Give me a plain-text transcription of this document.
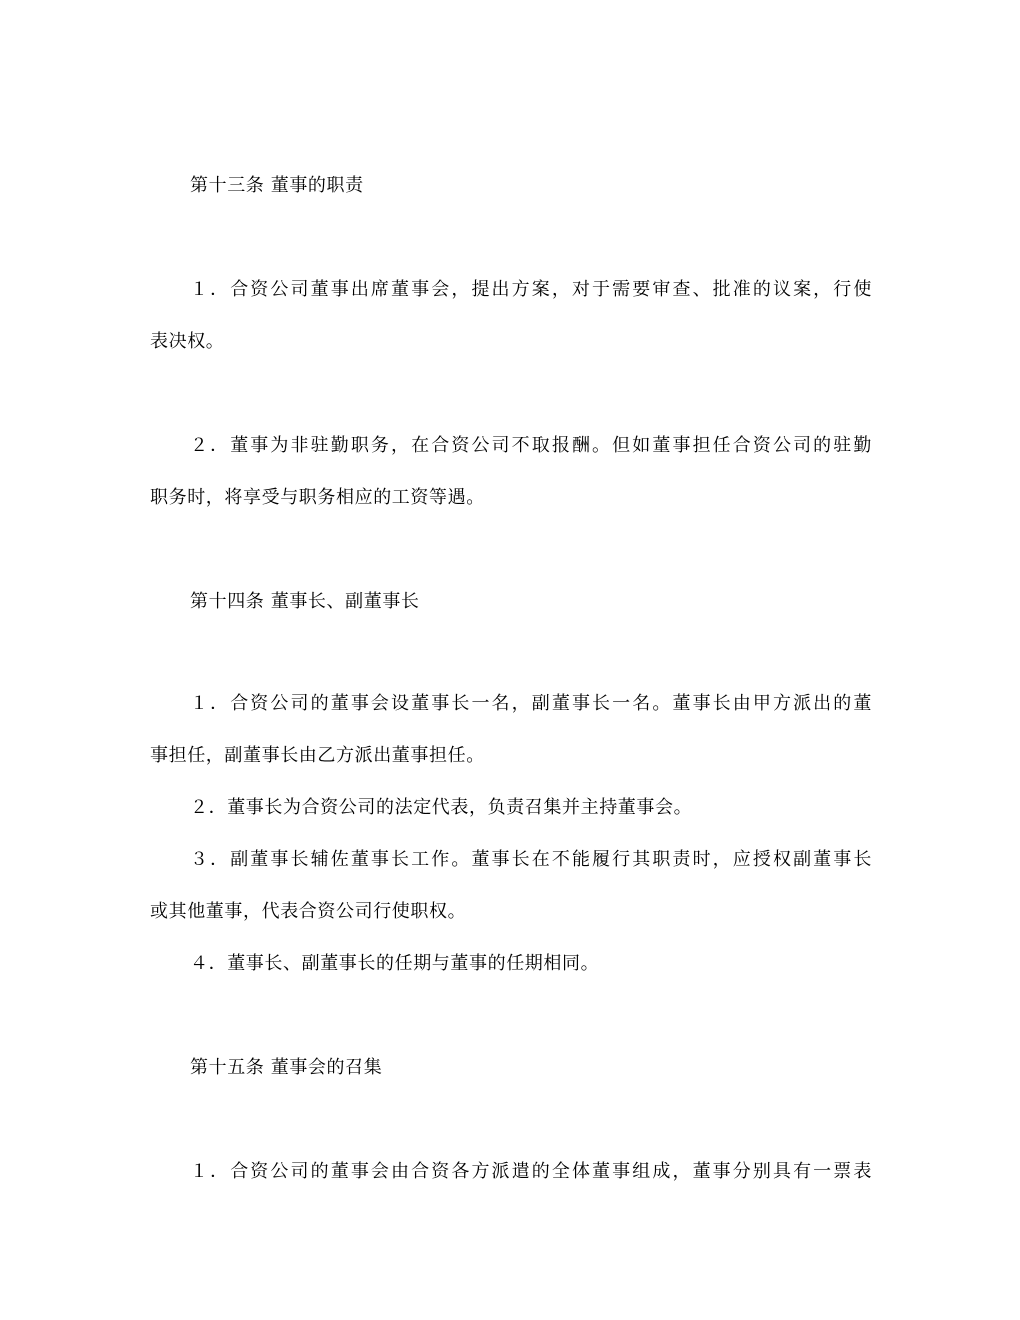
第十三条 董事的职责
１．合资公司董事出席董事会，提出方案，对于需要审查、批准的议案，行使
表决权。
２．董事为非驻勤职务，在合资公司不取报酬。但如董事担任合资公司的驻勤
职务时，将享受与职务相应的工资等遇。
第十四条 董事长、副董事长
１．合资公司的董事会设董事长一名，副董事长一名。董事长由甲方派出的董
事担任，副董事长由乙方派出董事担任。
２．董事长为合资公司的法定代表，负责召集并主持董事会。
３．副董事长辅佐董事长工作。董事长在不能履行其职责时，应授权副董事长
或其他董事，代表合资公司行使职权。
４．董事长、副董事长的任期与董事的任期相同。
第十五条 董事会的召集
１．合资公司的董事会由合资各方派遣的全体董事组成，董事分别具有一票表
